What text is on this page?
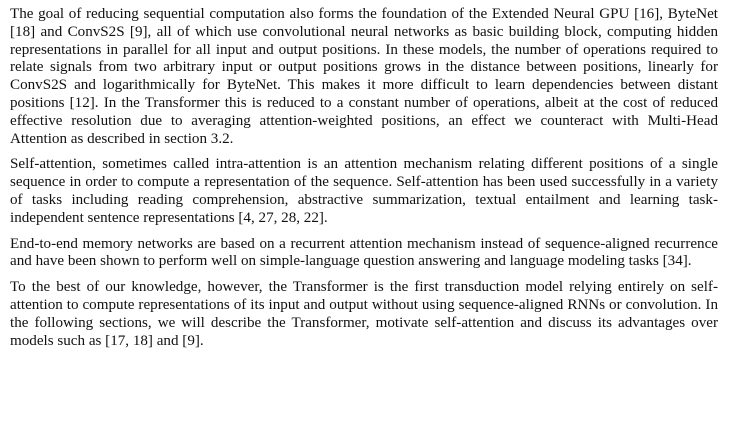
The goal of reducing sequential computation also forms the foundation of the Extended Neural GPU [16], ByteNet [18] and ConvS2S [9], all of which use convolutional neural networks as basic building block, computing hidden representations in parallel for all input and output positions. In these models, the number of operations required to relate signals from two arbitrary input or output positions grows in the distance between positions, linearly for ConvS2S and logarithmically for ByteNet. This makes it more difficult to learn dependencies between distant positions [12]. In the Transformer this is reduced to a constant number of operations, albeit at the cost of reduced effective resolution due to averaging attention-weighted positions, an effect we counteract with Multi-Head Attention as described in section 3.2.

Self-attention, sometimes called intra-attention is an attention mechanism relating different positions of a single sequence in order to compute a representation of the sequence. Self-attention has been used successfully in a variety of tasks including reading comprehension, abstractive summarization, textual entailment and learning task-independent sentence representations [4, 27, 28, 22].

End-to-end memory networks are based on a recurrent attention mechanism instead of sequence-aligned recurrence and have been shown to perform well on simple-language question answering and language modeling tasks [34].

To the best of our knowledge, however, the Transformer is the first transduction model relying entirely on self-attention to compute representations of its input and output without using sequence-aligned RNNs or convolution. In the following sections, we will describe the Transformer, motivate self-attention and discuss its advantages over models such as [17, 18] and [9].
